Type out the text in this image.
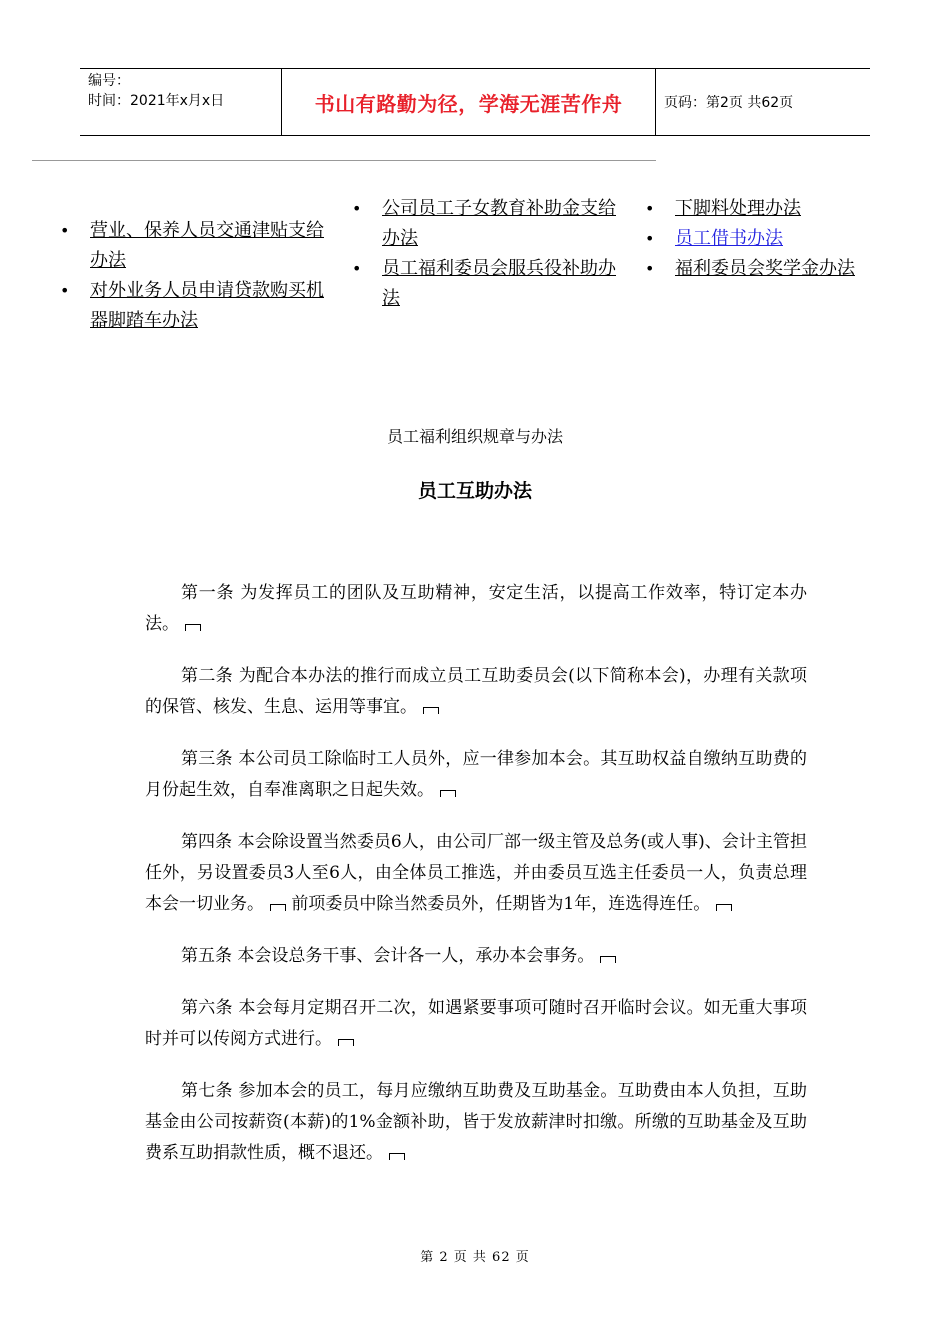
编号：
时间：2021年x月x日	书山有路勤为径，学海无涯苦作舟	页码：第2页 共62页
• 营业、保养人员交通津贴支给办法
• 对外业务人员申请贷款购买机器脚踏车办法
• 公司员工子女教育补助金支给办法
• 员工福利委员会服兵役补助办法
• 下脚料处理办法
• 员工借书办法
• 福利委员会奖学金办法
员工福利组织规章与办法
员工互助办法

第一条 为发挥员工的团队及互助精神，安定生活，以提高工作效率，特订定本办法。

第二条 为配合本办法的推行而成立员工互助委员会(以下简称本会)，办理有关款项的保管、核发、生息、运用等事宜。

第三条 本公司员工除临时工人员外，应一律参加本会。其互助权益自缴纳互助费的月份起生效，自奉准离职之日起失效。

第四条 本会除设置当然委员6人，由公司厂部一级主管及总务(或人事)、会计主管担任外，另设置委员3人至6人，由全体员工推选，并由委员互选主任委员一人，负责总理本会一切业务。 前项委员中除当然委员外，任期皆为1年，连选得连任。

第五条 本会设总务干事、会计各一人，承办本会事务。

第六条 本会每月定期召开二次，如遇紧要事项可随时召开临时会议。如无重大事项时并可以传阅方式进行。

第七条 参加本会的员工，每月应缴纳互助费及互助基金。互助费由本人负担，互助基金由公司按薪资(本薪)的1%金额补助，皆于发放薪津时扣缴。所缴的互助基金及互助费系互助捐款性质，概不退还。

第 2 页 共 62 页
